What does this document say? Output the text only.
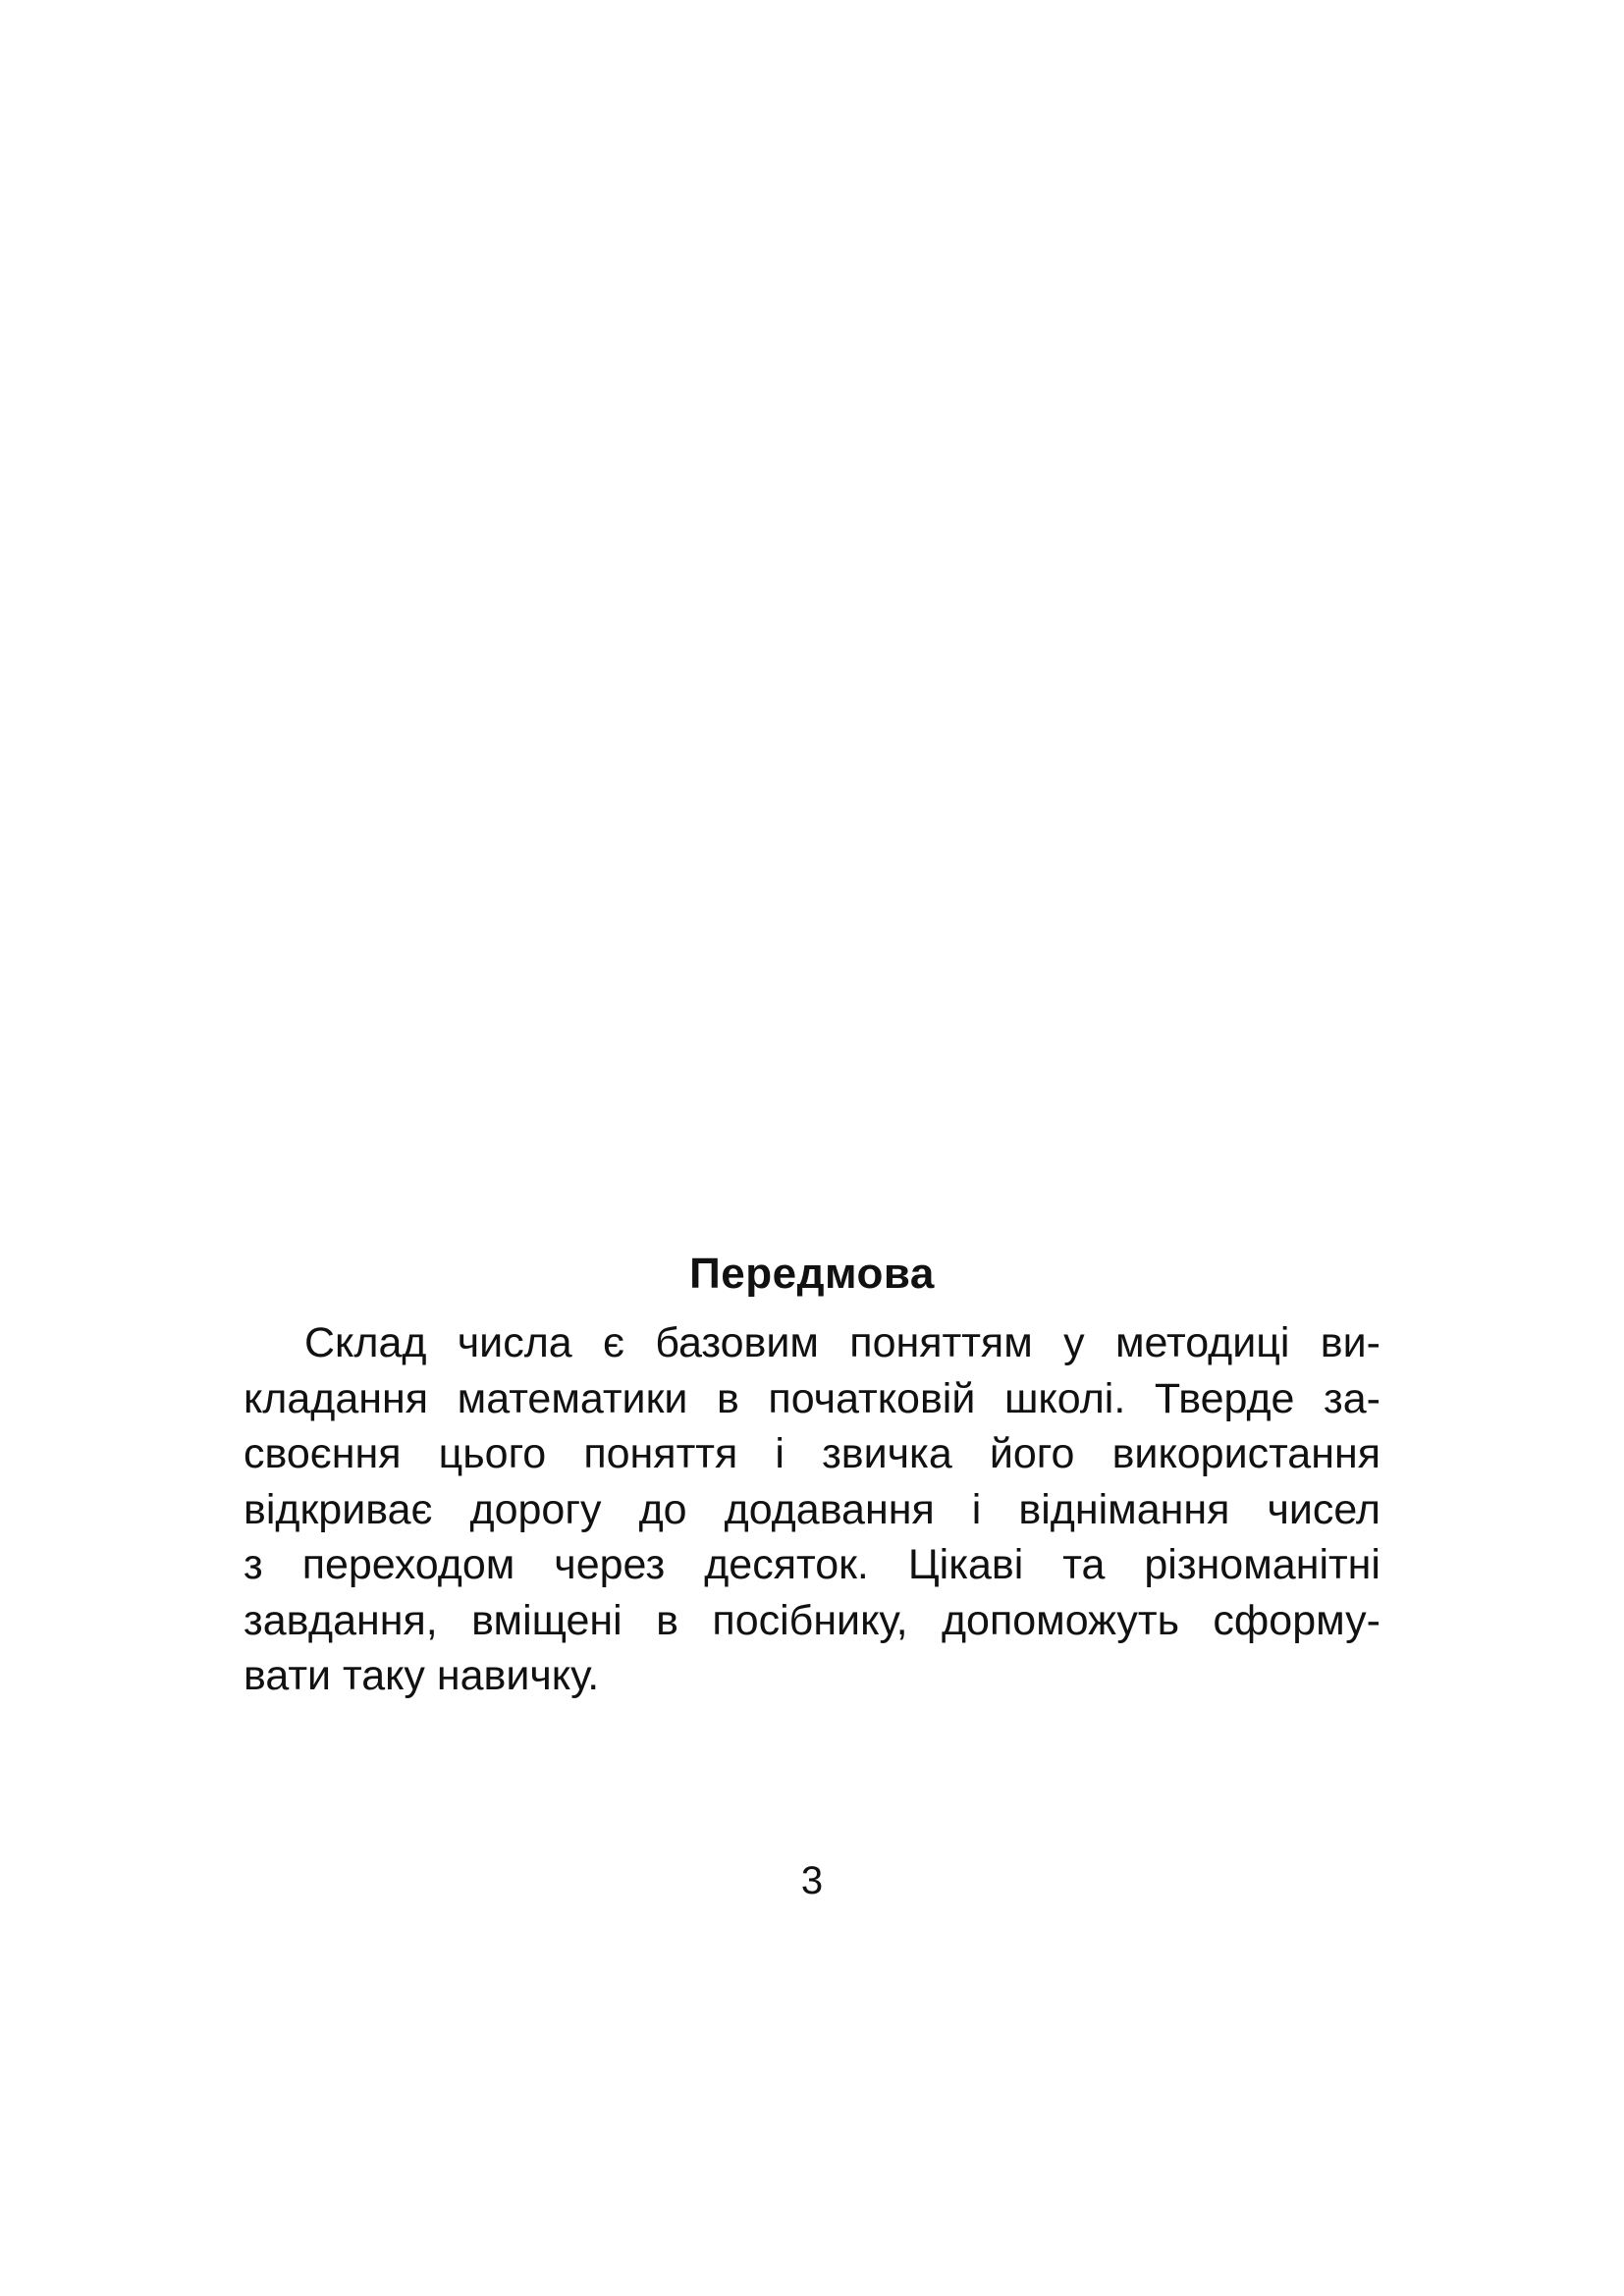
Передмова

Склад числа є базовим поняттям у методиці ви-
кладання математики в початковій школі. Тверде за-
своєння цього поняття і звичка його використання
відкриває дорогу до додавання і віднімання чисел
з переходом через десяток. Цікаві та різноманітні
завдання, вміщені в посібнику, допоможуть сформу-
вати таку навичку.

3
